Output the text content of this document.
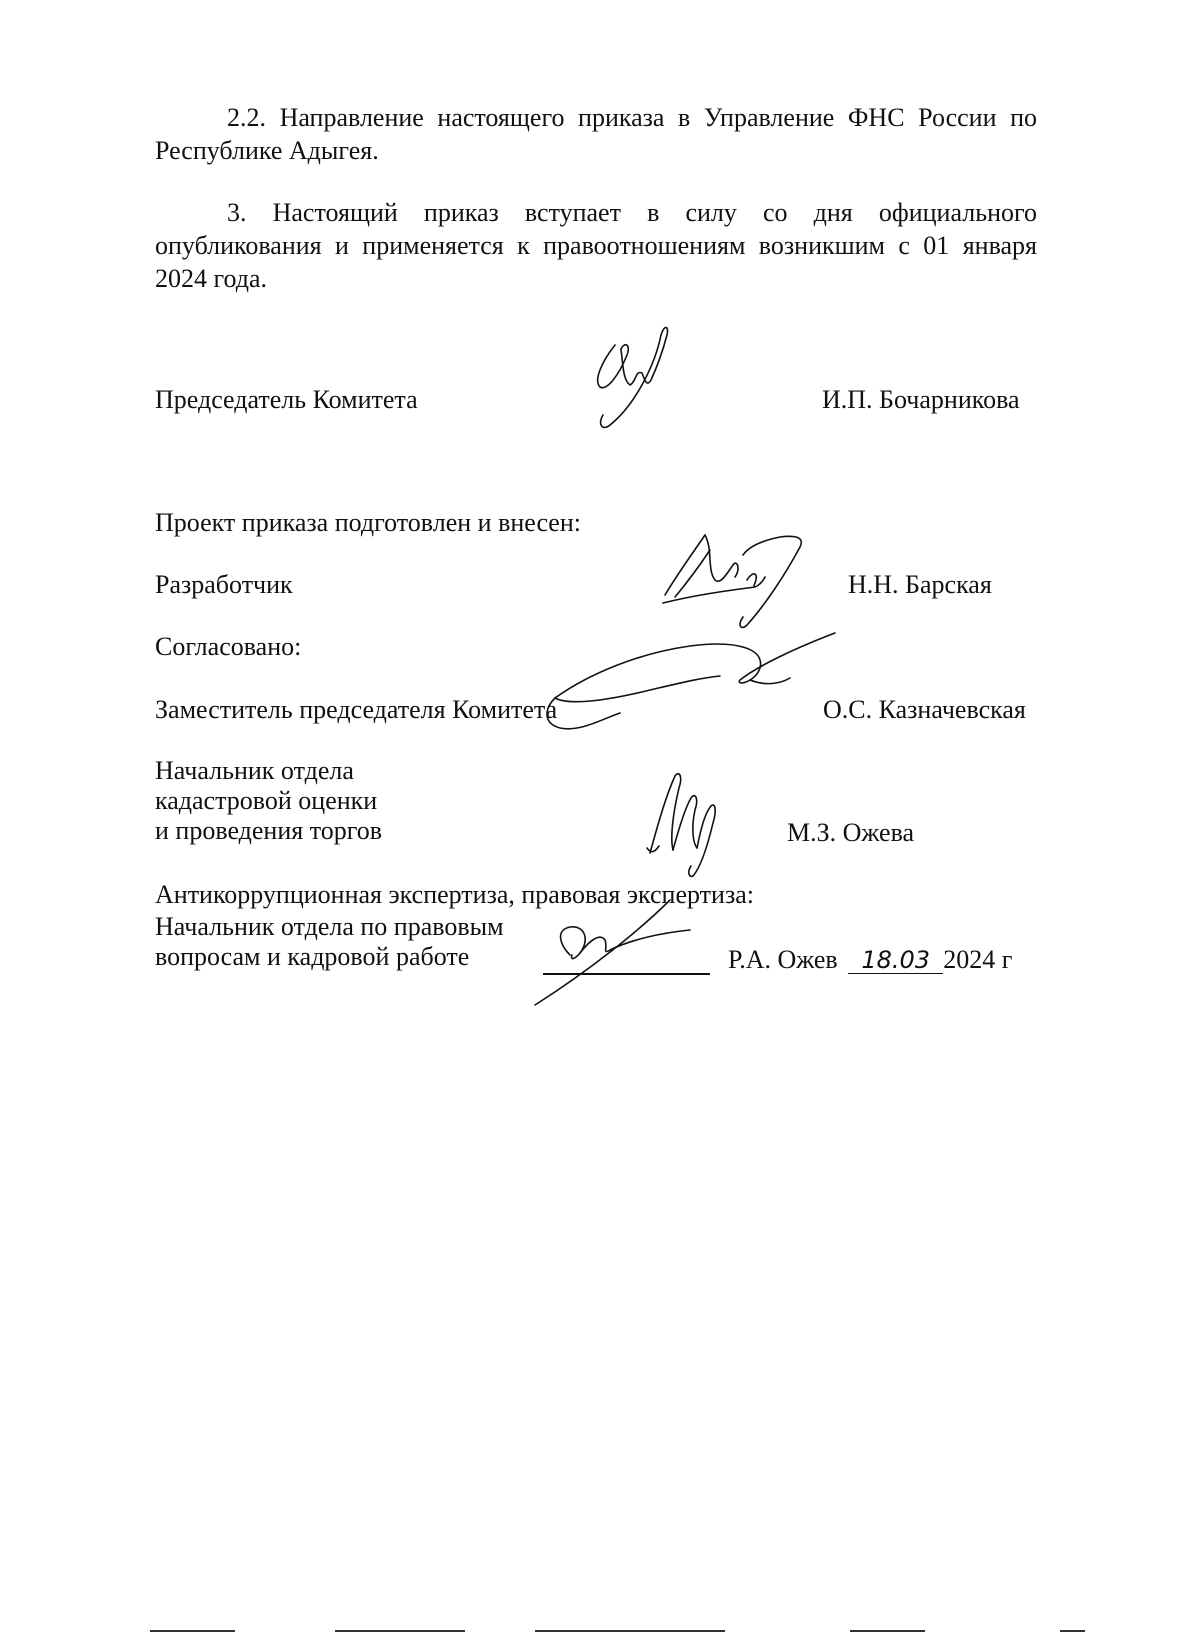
2.2. Направление настоящего приказа в Управление ФНС России по Республике Адыгея.

3. Настоящий приказ вступает в силу со дня официального опубликования и применяется к правоотношениям возникшим с 01 января 2024 года.

Председатель Комитета	И.П. Бочарникова
Проект приказа подготовлен и внесен:
Разработчик	Н.Н. Барская
Согласовано:
Заместитель председателя Комитета	О.С. Казначевская
Начальник отдела
кадастровой оценки
и проведения торгов	М.З. Ожева
Антикоррупционная экспертиза, правовая экспертиза:
Начальник отдела по правовым
вопросам и кадровой работе	Р.А. Ожев 18.03 2024 г
